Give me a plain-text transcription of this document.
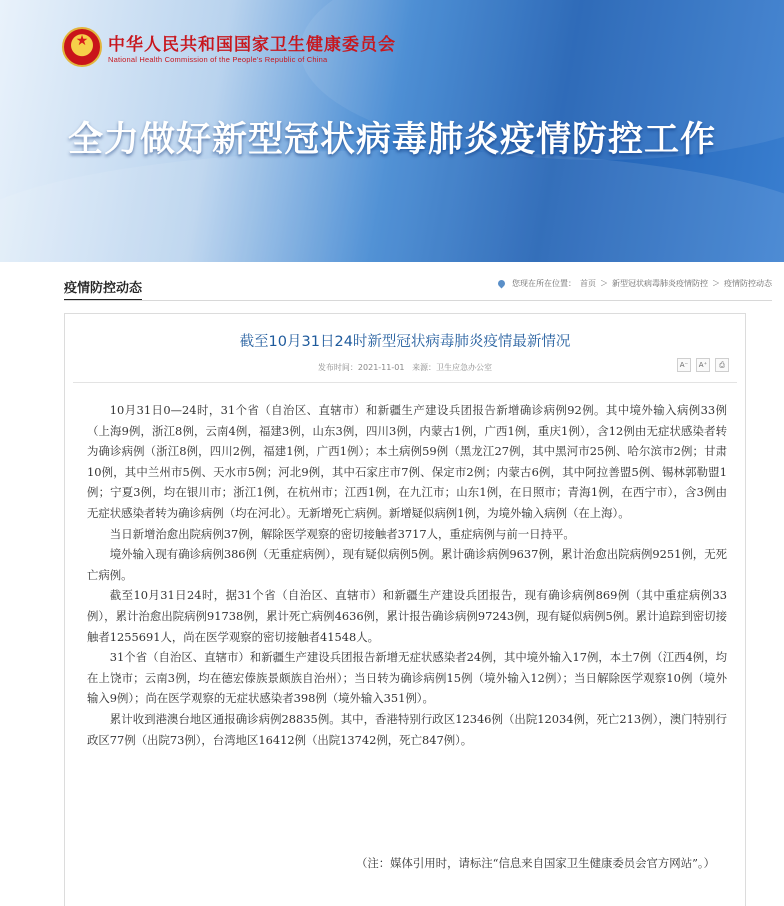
★	中华人民共和国国家卫生健康委员会
National Health Commission of the People's Republic of China
全力做好新型冠状病毒肺炎疫情防控工作
疫情防控动态	您现在所在位置： 首页 ＞ 新型冠状病毒肺炎疫情防控 ＞ 疫情防控动态
截至10月31日24时新型冠状病毒肺炎疫情最新情况
发布时间：2021-11-01 来源：卫生应急办公室	A⁻	A⁺	⎙

10月31日0—24时，31个省（自治区、直辖市）和新疆生产建设兵团报告新增确诊病例92例。其中境外输入病例33例（上海9例，浙江8例，云南4例，福建3例，山东3例，四川3例，内蒙古1例，广西1例，重庆1例），含12例由无症状感染者转为确诊病例（浙江8例，四川2例，福建1例，广西1例）；本土病例59例（黑龙江27例，其中黑河市25例、哈尔滨市2例；甘肃10例，其中兰州市5例、天水市5例；河北9例，其中石家庄市7例、保定市2例；内蒙古6例，其中阿拉善盟5例、锡林郭勒盟1例；宁夏3例，均在银川市；浙江1例，在杭州市；江西1例，在九江市；山东1例，在日照市；青海1例，在西宁市），含3例由无症状感染者转为确诊病例（均在河北）。无新增死亡病例。新增疑似病例1例，为境外输入病例（在上海）。

当日新增治愈出院病例37例，解除医学观察的密切接触者3717人，重症病例与前一日持平。

境外输入现有确诊病例386例（无重症病例），现有疑似病例5例。累计确诊病例9637例，累计治愈出院病例9251例，无死亡病例。

截至10月31日24时，据31个省（自治区、直辖市）和新疆生产建设兵团报告，现有确诊病例869例（其中重症病例33例），累计治愈出院病例91738例，累计死亡病例4636例，累计报告确诊病例97243例，现有疑似病例5例。累计追踪到密切接触者1255691人，尚在医学观察的密切接触者41548人。

31个省（自治区、直辖市）和新疆生产建设兵团报告新增无症状感染者24例，其中境外输入17例，本土7例（江西4例，均在上饶市；云南3例，均在德宏傣族景颇族自治州）；当日转为确诊病例15例（境外输入12例）；当日解除医学观察10例（境外输入9例）；尚在医学观察的无症状感染者398例（境外输入351例）。

累计收到港澳台地区通报确诊病例28835例。其中，香港特别行政区12346例（出院12034例，死亡213例），澳门特别行政区77例（出院73例），台湾地区16412例（出院13742例，死亡847例）。

（注：媒体引用时，请标注“信息来自国家卫生健康委员会官方网站”。）
